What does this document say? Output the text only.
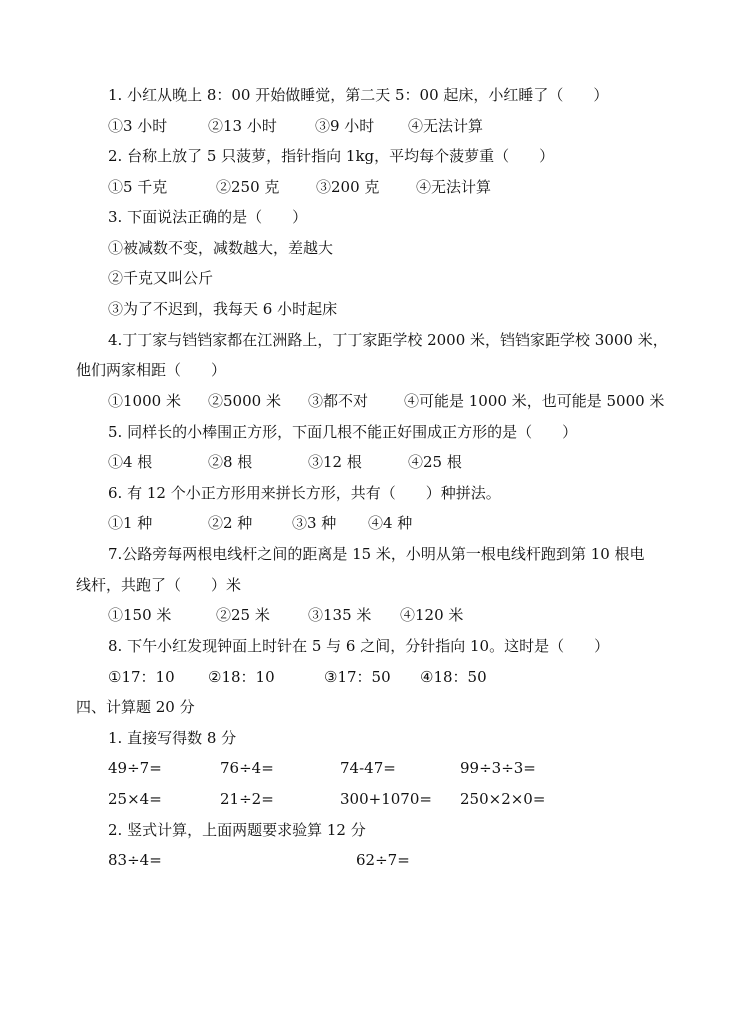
1. 小红从晚上 8：00 开始做睡觉，第二天 5：00 起床，小红睡了（　　）
①3 小时	②13 小时	③9 小时 ④无法计算
2. 台称上放了 5 只菠萝，指针指向 1kg，平均每个菠萝重（　　）
①5 千克	②250 克 ③200 克 ④无法计算
3. 下面说法正确的是（　　）
①被减数不变，减数越大，差越大
②千克又叫公斤
③为了不迟到，我每天 6 小时起床
4.丁丁家与铛铛家都在江洲路上，丁丁家距学校 2000 米，铛铛家距学校 3000 米，
他们两家相距（　　）
①1000 米 ②5000 米 ③都不对 ④可能是 1000 米，也可能是 5000 米
5. 同样长的小棒围正方形，下面几根不能正好围成正方形的是（　　）
①4 根	②8 根	③12 根	④25 根
6. 有 12 个小正方形用来拼长方形，共有（　　）种拼法。
①1 种	②2 种	③3 种 ④4 种
7.公路旁每两根电线杆之间的距离是 15 米，小明从第一根电线杆跑到第 10 根电
线杆，共跑了（　　）米
①150 米	②25 米	③135 米 ④120 米
8. 下午小红发现钟面上时针在 5 与 6 之间，分针指向 10。这时是（　　）
①17：10 ②18：10	③17：50 ④18：50
四、计算题 20 分
1. 直接写得数 8 分
49÷7=	76÷4=	74-47=	99÷3÷3=
25×4=	21÷2=	300+1070= 250×2×0=
2. 竖式计算，上面两题要求验算 12 分
83÷4=	62÷7=
